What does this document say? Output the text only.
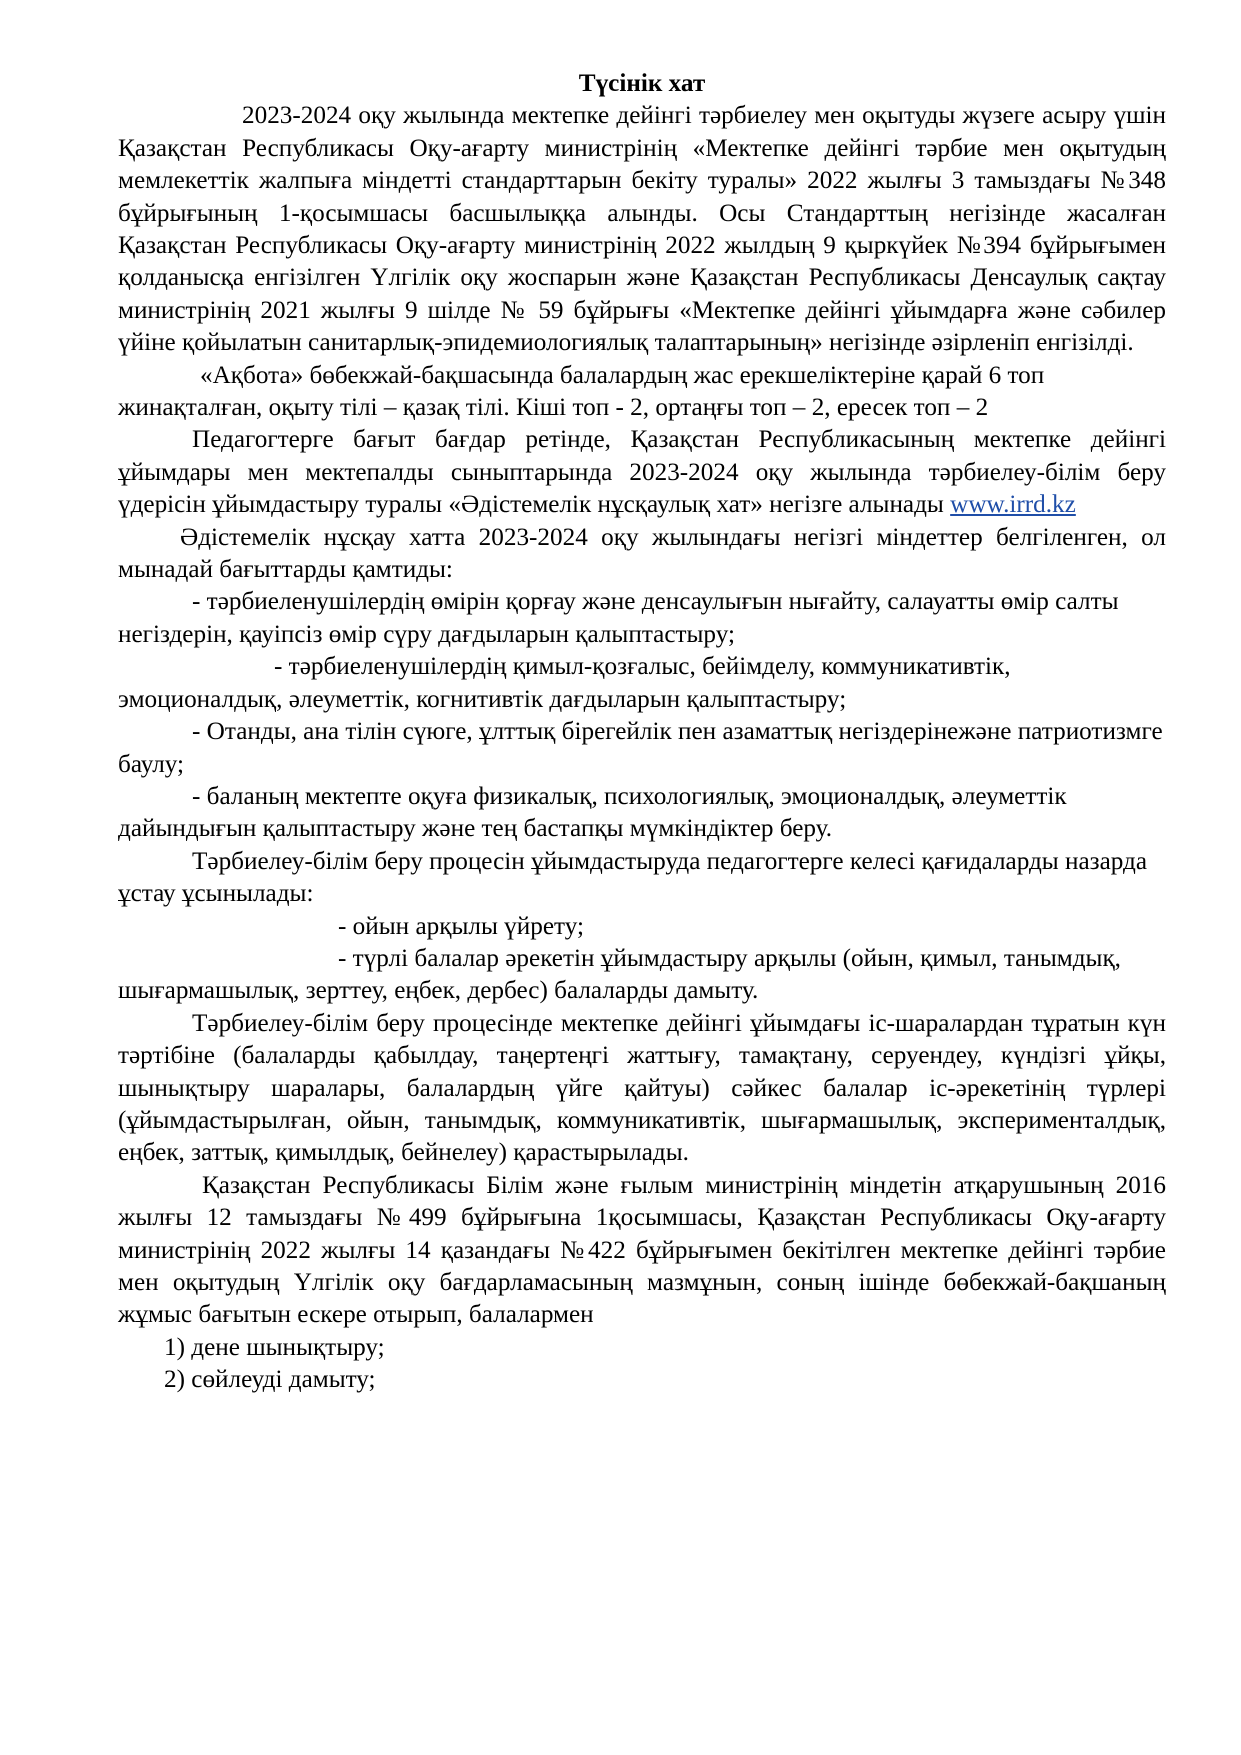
Түсінік хат

2023-2024 оқу жылында мектепке дейінгі тәрбиелеу мен оқытуды жүзеге асыру үшін Қазақстан Республикасы Оқу-ағарту министрінің «Мектепке дейінгі тәрбие мен оқытудың мемлекеттік жалпыға міндетті стандарттарын бекіту туралы» 2022 жылғы 3 тамыздағы №348 бұйрығының 1-қосымшасы басшылыққа алынды. Осы Стандарттың негізінде жасалған Қазақстан Республикасы Оқу-ағарту министрінің 2022 жылдың 9 қыркүйек №394 бұйрығымен қолданысқа енгізілген Үлгілік оқу жоспарын және Қазақстан Республикасы Денсаулық сақтау министрінің 2021 жылғы 9 шілде № 59 бұйрығы «Мектепке дейінгі ұйымдарға және сәбилер үйіне қойылатын санитарлық-эпидемиологиялық талаптарының» негізінде әзірленіп енгізілді.

«Ақбота» бөбекжай-бақшасында балалардың жас ерекшеліктеріне қарай 6 топ жинақталған, оқыту тілі – қазақ тілі. Кіші топ - 2, ортаңғы топ – 2, ересек топ – 2

Педагогтерге бағыт бағдар ретінде, Қазақстан Республикасының мектепке дейінгі ұйымдары мен мектепалды сыныптарында 2023-2024 оқу жылында тәрбиелеу-білім беру үдерісін ұйымдастыру туралы «Әдістемелік нұсқаулық хат» негізге алынады www.irrd.kz

Әдістемелік нұсқау хатта 2023-2024 оқу жылындағы негізгі міндеттер белгіленген, ол мынадай бағыттарды қамтиды:

- тәрбиеленушілердің өмірін қорғау және денсаулығын нығайту, салауатты өмір салты негіздерін, қауіпсіз өмір сүру дағдыларын қалыптастыру;

- тәрбиеленушілердің қимыл-қозғалыс, бейімделу, коммуникативтік, эмоционалдық, әлеуметтік, когнитивтік дағдыларын қалыптастыру;

- Отанды, ана тілін сүюге, ұлттық бірегейлік пен азаматтық негіздерінежәне патриотизмге баулу;

- баланың мектепте оқуға физикалық, психологиялық, эмоционалдық, әлеуметтік дайындығын қалыптастыру және тең бастапқы мүмкіндіктер беру.

Тәрбиелеу-білім беру процесін ұйымдастыруда педагогтерге келесі қағидаларды назарда ұстау ұсынылады:

- ойын арқылы үйрету;

- түрлі балалар әрекетін ұйымдастыру арқылы (ойын, қимыл, танымдық, шығармашылық, зерттеу, еңбек, дербес) балаларды дамыту.

Тәрбиелеу-білім беру процесінде мектепке дейінгі ұйымдағы іс-шаралардан тұратын күн тәртібіне (балаларды қабылдау, таңертеңгі жаттығу, тамақтану, серуендеу, күндізгі ұйқы, шынықтыру шаралары, балалардың үйге қайтуы) сәйкес балалар іс-әрекетінің түрлері (ұйымдастырылған, ойын, танымдық, коммуникативтік, шығармашылық, эксперименталдық, еңбек, заттық, қимылдық, бейнелеу) қарастырылады.

Қазақстан Республикасы Білім және ғылым министрінің міндетін атқарушының 2016 жылғы 12 тамыздағы №499 бұйрығына 1қосымшасы, Қазақстан Республикасы Оқу-ағарту министрінің 2022 жылғы 14 қазандағы №422 бұйрығымен бекітілген мектепке дейінгі тәрбие мен оқытудың Үлгілік оқу бағдарламасының мазмұнын, соның ішінде бөбекжай-бақшаның жұмыс бағытын ескере отырып, балалармен

1) дене шынықтыру;

2) сөйлеуді дамыту;
